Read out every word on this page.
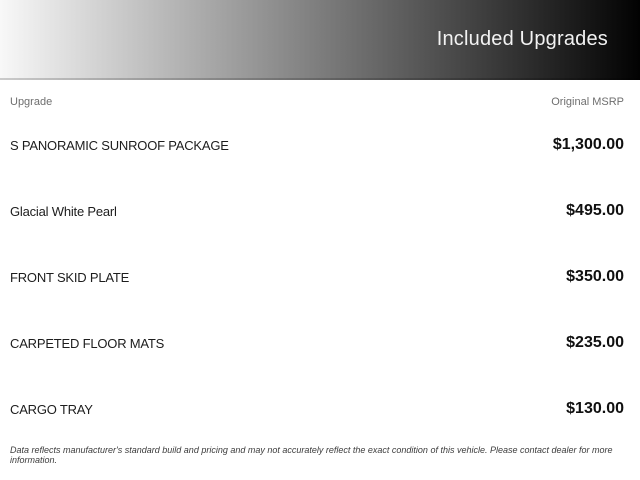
Included Upgrades
Upgrade	Original MSRP
S PANORAMIC SUNROOF PACKAGE	$1,300.00
Glacial White Pearl	$495.00
FRONT SKID PLATE	$350.00
CARPETED FLOOR MATS	$235.00
CARGO TRAY	$130.00

Data reflects manufacturer's standard build and pricing and may not accurately reflect the exact condition of this vehicle. Please contact dealer for more information.
